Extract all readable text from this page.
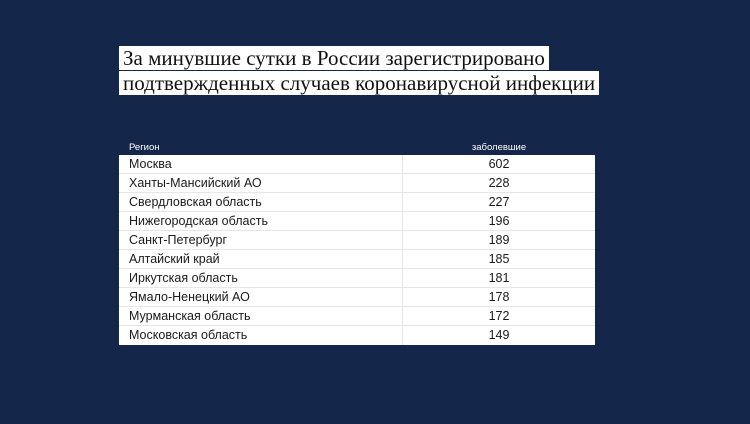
За минувшие сутки в России зарегистрировано
подтвержденных случаев коронавирусной инфекции
Регион	заболевшие
Москва	602
Ханты-Мансийский АО	228
Свердловская область	227
Нижегородская область	196
Санкт-Петербург	189
Алтайский край	185
Иркутская область	181
Ямало-Ненецкий АО	178
Мурманская область	172
Московская область	149
